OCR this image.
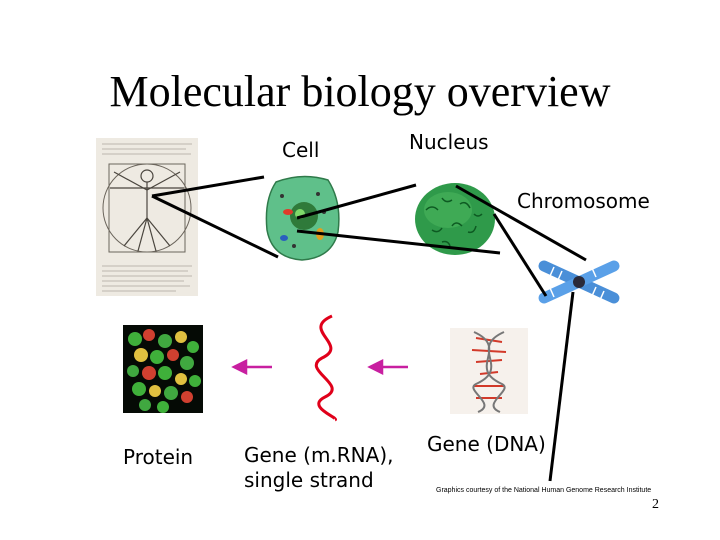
Molecular biology overview
Cell	Nucleus
Chromosome
Protein	Gene (m.RNA),
single strand
Gene (DNA)
Graphics courtesy of the National Human Genome Research Institute
2
